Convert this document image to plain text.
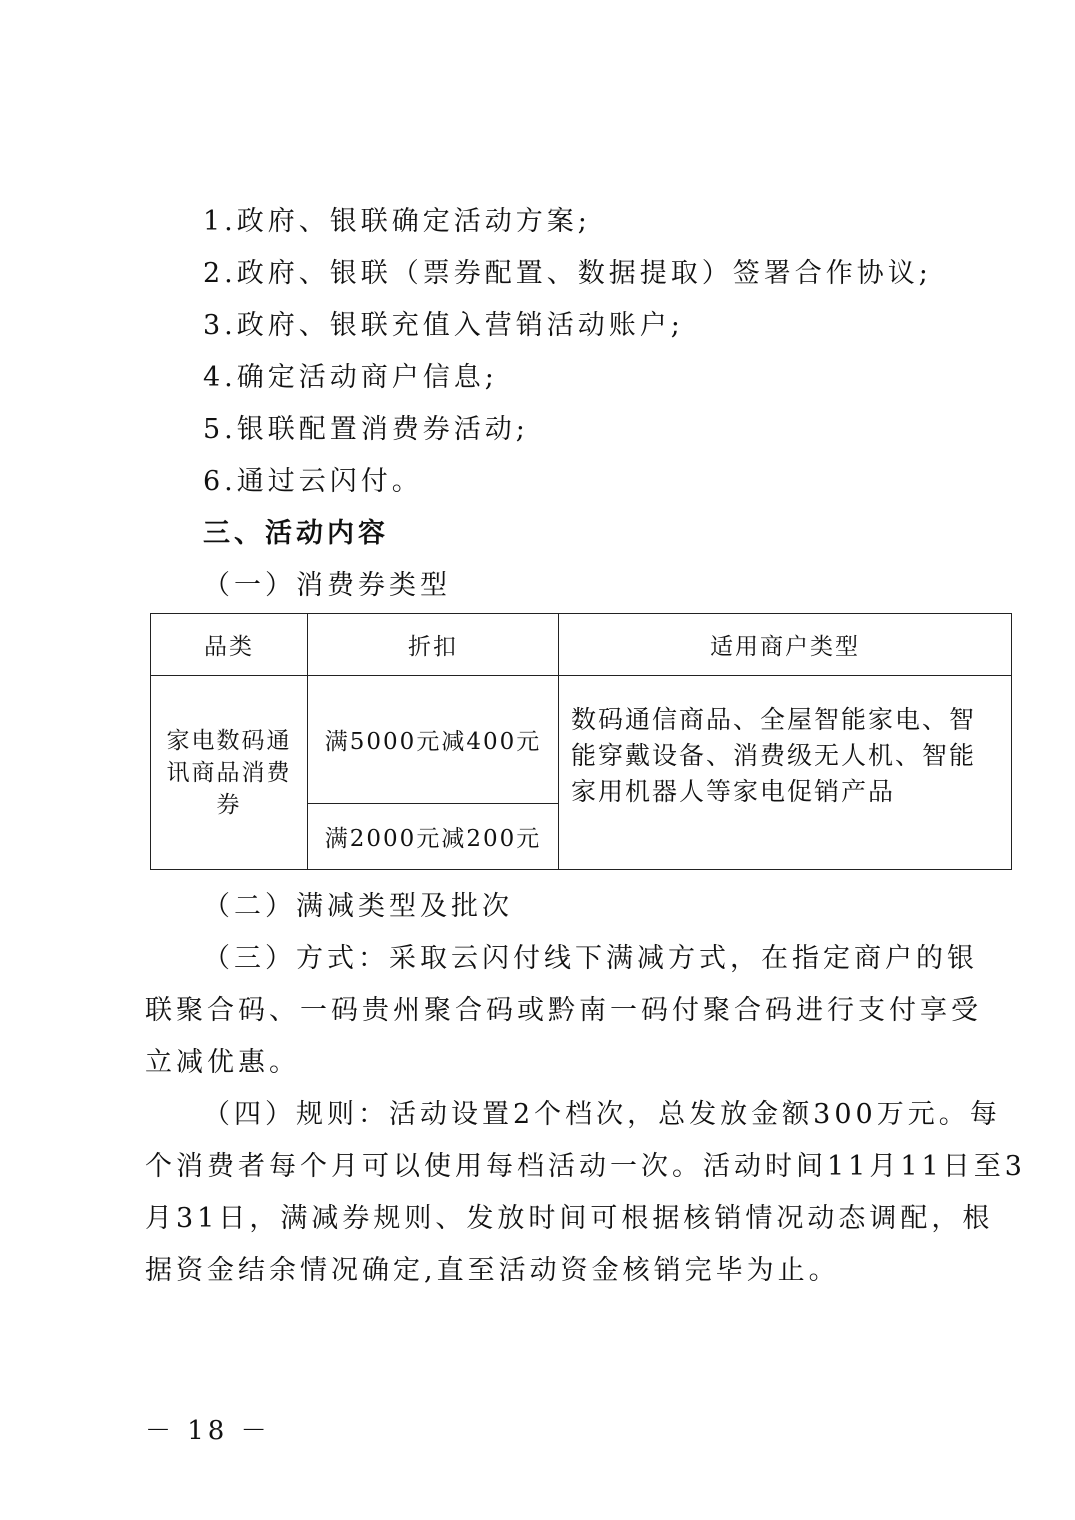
1.政府、银联确定活动方案;
2.政府、银联（票券配置、数据提取）签署合作协议;
3.政府、银联充值入营销活动账户;
4.确定活动商户信息;
5.银联配置消费券活动;
6.通过云闪付。
三、活动内容
（一）消费券类型
品类	折扣	适用商户类型
家电数码通讯商品消费券	满5000元减400元	数码通信商品、全屋智能家电、智能穿戴设备、消费级无人机、智能家用机器人等家电促销产品
	满2000元减200元	
（二）满减类型及批次
（三）方式：采取云闪付线下满减方式，在指定商户的银
联聚合码、一码贵州聚合码或黔南一码付聚合码进行支付享受
立减优惠。
（四）规则：活动设置2个档次，总发放金额300万元。每
个消费者每个月可以使用每档活动一次。活动时间11月11日至3
月31日，满减券规则、发放时间可根据核销情况动态调配，根
据资金结余情况确定,直至活动资金核销完毕为止。
－ 18 －
